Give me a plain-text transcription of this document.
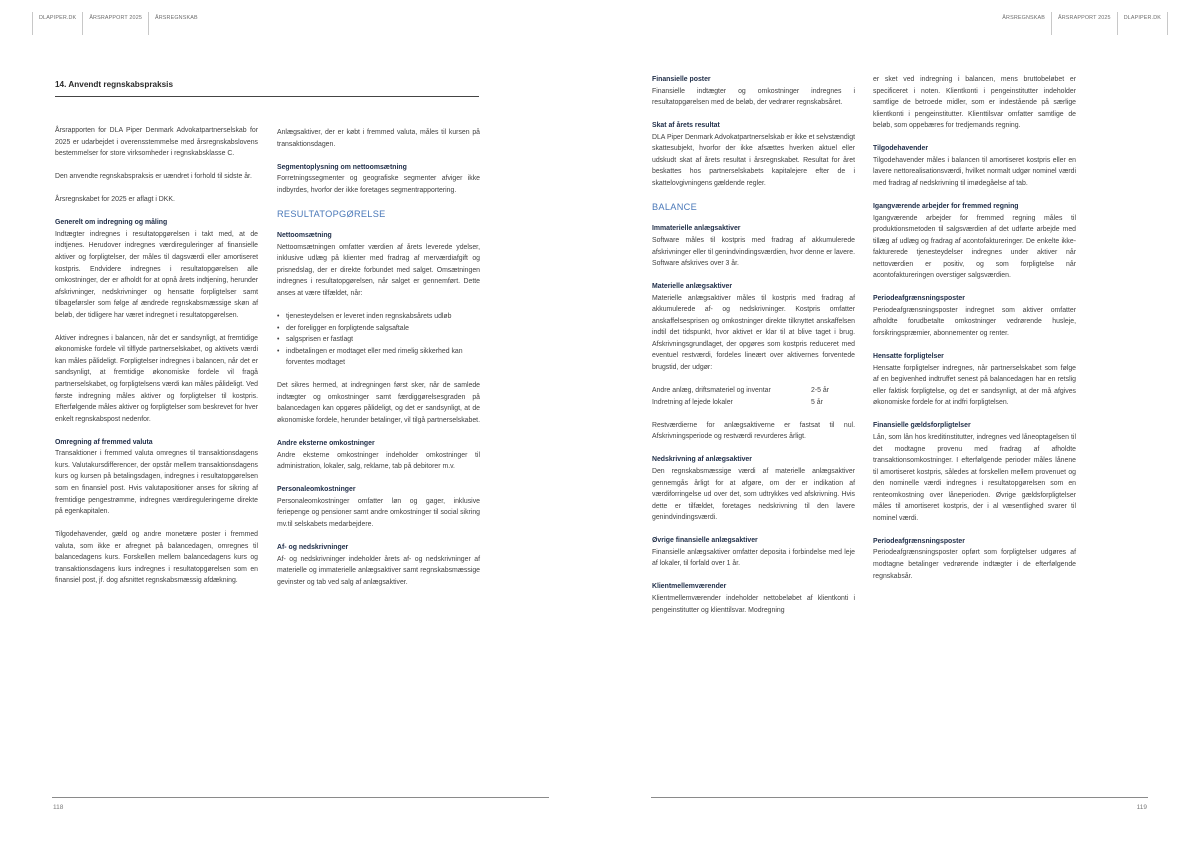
DLAPIPER.DK	ÅRSRAPPORT 2025	ÅRSREGNSKAB	ÅRSREGNSKAB	ÅRSRAPPORT 2025	DLAPIPER.DK
14. Anvendt regnskabspraksis

Årsrapporten for DLA Piper Denmark Advokatpartnerselskab for 2025 er udarbejdet i overensstemmelse med årsregnskabslovens bestemmelser for store virksomheder i regnskabsklasse C.

Den anvendte regnskabspraksis er uændret i forhold til sidste år.

Årsregnskabet for 2025 er aflagt i DKK.

Generelt om indregning og måling

Indtægter indregnes i resultatopgørelsen i takt med, at de indtjenes. Herudover indregnes værdireguleringer af finansielle aktiver og forpligtelser, der måles til dagsværdi eller amortiseret kostpris. Endvidere indregnes i resultatopgørelsen alle omkostninger, der er afholdt for at opnå årets indtjening, herunder afskrivninger, nedskrivninger og hensatte forpligtelser samt tilbageførsler som følge af ændrede regnskabsmæssige skøn af beløb, der tidligere har været indregnet i resultatopgørelsen.

Aktiver indregnes i balancen, når det er sandsynligt, at fremtidige økonomiske fordele vil tilflyde partnerselskabet, og aktivets værdi kan måles pålideligt. Forpligtelser indregnes i balancen, når det er sandsynligt, at fremtidige økonomiske fordele vil fragå partnerselskabet, og forpligtelsens værdi kan måles pålideligt. Ved første indregning måles aktiver og forpligtelser til kostpris. Efterfølgende måles aktiver og forpligtelser som beskrevet for hver enkelt regnskabspost nedenfor.

Omregning af fremmed valuta

Transaktioner i fremmed valuta omregnes til transaktionsdagens kurs. Valutakursdifferencer, der opstår mellem transaktionsdagens kurs og kursen på betalingsdagen, indregnes i resultatopgørelsen som en finansiel post. Hvis valutapositioner anses for sikring af fremtidige pengestrømme, indregnes værdireguleringerne direkte på egenkapitalen.

Tilgodehavender, gæld og andre monetære poster i fremmed valuta, som ikke er afregnet på balancedagen, omregnes til balancedagens kurs. Forskellen mellem balancedagens kurs og transaktionsdagens kurs indregnes i resultatopgørelsen som en finansiel post, jf. dog afsnittet regnskabsmæssig afdækning.

Anlægsaktiver, der er købt i fremmed valuta, måles til kursen på transaktionsdagen.

Segmentoplysning om nettoomsætning

Forretningssegmenter og geografiske segmenter afviger ikke indbyrdes, hvorfor der ikke foretages segmentrapportering.

RESULTATOPGØRELSE
Nettoomsætning

Nettoomsætningen omfatter værdien af årets leverede ydelser, inklusive udlæg på klienter med fradrag af merværdiafgift og prisnedslag, der er direkte forbundet med salget. Omsætningen indregnes i resultatopgørelsen, når salget er gennemført. Dette anses at være tilfældet, når:

• tjenesteydelsen er leveret inden regnskabsårets udløb
• der foreligger en forpligtende salgsaftale
• salgsprisen er fastlagt
• indbetalingen er modtaget eller med rimelig sikkerhed kan forventes modtaget

Det sikres hermed, at indregningen først sker, når de samlede indtægter og omkostninger samt færdiggørelsesgraden på balancedagen kan opgøres pålideligt, og det er sandsynligt, at de økonomiske fordele, herunder betalinger, vil tilgå partnerselskabet.

Andre eksterne omkostninger

Andre eksterne omkostninger indeholder omkostninger til administration, lokaler, salg, reklame, tab på debitorer m.v.

Personaleomkostninger

Personaleomkostninger omfatter løn og gager, inklusive feriepenge og pensioner samt andre omkostninger til social sikring mv.til selskabets medarbejdere.

Af- og nedskrivninger

Af- og nedskrivninger indeholder årets af- og nedskrivninger af materielle og immaterielle anlægsaktiver samt regnskabsmæssige gevinster og tab ved salg af anlægsaktiver.

Finansielle poster

Finansielle indtægter og omkostninger indregnes i resultatopgørelsen med de beløb, der vedrører regnskabsåret.

Skat af årets resultat

DLA Piper Denmark Advokatpartnerselskab er ikke et selvstændigt skattesubjekt, hvorfor der ikke afsættes hverken aktuel eller udskudt skat af årets resultat i årsregnskabet. Resultat for året beskattes hos partnerselskabets kapitalejere efter de i skattelovgivningens gældende regler.

BALANCE
Immaterielle anlægsaktiver

Software måles til kostpris med fradrag af akkumulerede afskrivninger eller til genindvindingsværdien, hvor denne er lavere. Software afskrives over 3 år.

Materielle anlægsaktiver

Materielle anlægsaktiver måles til kostpris med fradrag af akkumulerede af- og nedskrivninger. Kostpris omfatter anskaffelsesprisen og omkostninger direkte tilknyttet anskaffelsen indtil det tidspunkt, hvor aktivet er klar til at blive taget i brug. Afskrivningsgrundlaget, der opgøres som kostpris reduceret med eventuel restværdi, fordeles lineært over aktivernes forventede brugstid, der udgør:

Andre anlæg, driftsmateriel og inventar	2-5 år
Indretning af lejede lokaler	5 år

Restværdierne for anlægsaktiverne er fastsat til nul. Afskrivningsperiode og restværdi revurderes årligt.

Nedskrivning af anlægsaktiver

Den regnskabsmæssige værdi af materielle anlægsaktiver gennemgås årligt for at afgøre, om der er indikation af værdiforringelse ud over det, som udtrykkes ved afskrivning. Hvis dette er tilfældet, foretages nedskrivning til den lavere genindvindingsværdi.

Øvrige finansielle anlægsaktiver

Finansielle anlægsaktiver omfatter deposita i forbindelse med leje af lokaler, til forfald over 1 år.

Klientmellemværender

Klientmellemværender indeholder nettobeløbet af klientkonti i pengeinstitutter og klienttilsvar. Modregning

er sket ved indregning i balancen, mens bruttobeløbet er specificeret i noten. Klientkonti i pengeinstitutter indeholder samtlige de betroede midler, som er indestående på særlige klientkonti i pengeinstitutter. Klienttilsvar omfatter samtlige de beløb, som oppebæres for tredjemands regning.

Tilgodehavender

Tilgodehavender måles i balancen til amortiseret kostpris eller en lavere nettorealisationsværdi, hvilket normalt udgør nominel værdi med fradrag af nedskrivning til imødegåelse af tab.

Igangværende arbejder for fremmed regning

Igangværende arbejder for fremmed regning måles til produktionsmetoden til salgsværdien af det udførte arbejde med tillæg af udlæg og fradrag af acontofaktureringer. De enkelte ikke-fakturerede tjenesteydelser indregnes under aktiver når nettoværdien er positiv, og som forpligtelse når acontofaktureringen overstiger salgsværdien.

Periodeafgrænsningsposter

Periodeafgrænsningsposter indregnet som aktiver omfatter afholdte forudbetalte omkostninger vedrørende husleje, forsikringspræmier, abonnementer og renter.

Hensatte forpligtelser

Hensatte forpligtelser indregnes, når partnerselskabet som følge af en begivenhed indtruffet senest på balancedagen har en retslig eller faktisk forpligtelse, og det er sandsynligt, at der må afgives økonomiske fordele for at indfri forpligtelsen.

Finansielle gældsforpligtelser

Lån, som lån hos kreditinstitutter, indregnes ved låneoptagelsen til det modtagne provenu med fradrag af afholdte transaktionsomkostninger. I efterfølgende perioder måles lånene til amortiseret kostpris, således at forskellen mellem provenuet og den nominelle værdi indregnes i resultatopgørelsen som en renteomkostning over låneperioden. Øvrige gældsforpligtelser måles til amortiseret kostpris, der i al væsentlighed svarer til nominel værdi.

Periodeafgrænsningsposter

Periodeafgrænsningsposter opført som forpligtelser udgøres af modtagne betalinger vedrørende indtægter i de efterfølgende regnskabsår.

118	119
